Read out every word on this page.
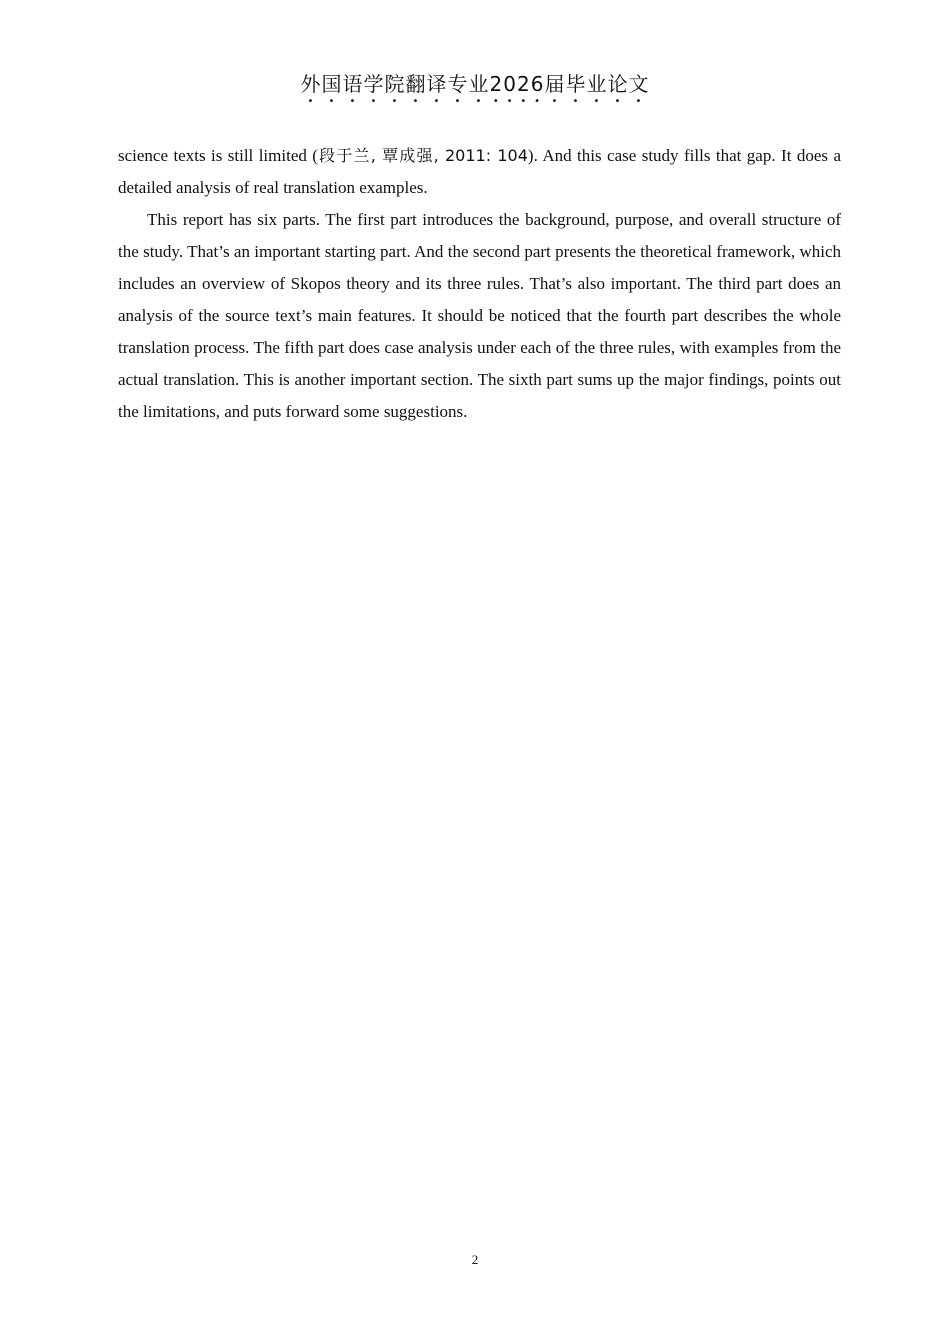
外国语学院翻译专业2026届毕业论文

science texts is still limited (段于兰, 覃成强, 2011: 104). And this case study fills that gap. It does a detailed analysis of real translation examples.

This report has six parts. The first part introduces the background, purpose, and overall structure of the study. That’s an important starting part. And the second part presents the theoretical framework, which includes an overview of Skopos theory and its three rules. That’s also important. The third part does an analysis of the source text’s main features. It should be noticed that the fourth part describes the whole translation process. The fifth part does case analysis under each of the three rules, with examples from the actual translation. This is another important section. The sixth part sums up the major findings, points out the limitations, and puts forward some suggestions.

2
